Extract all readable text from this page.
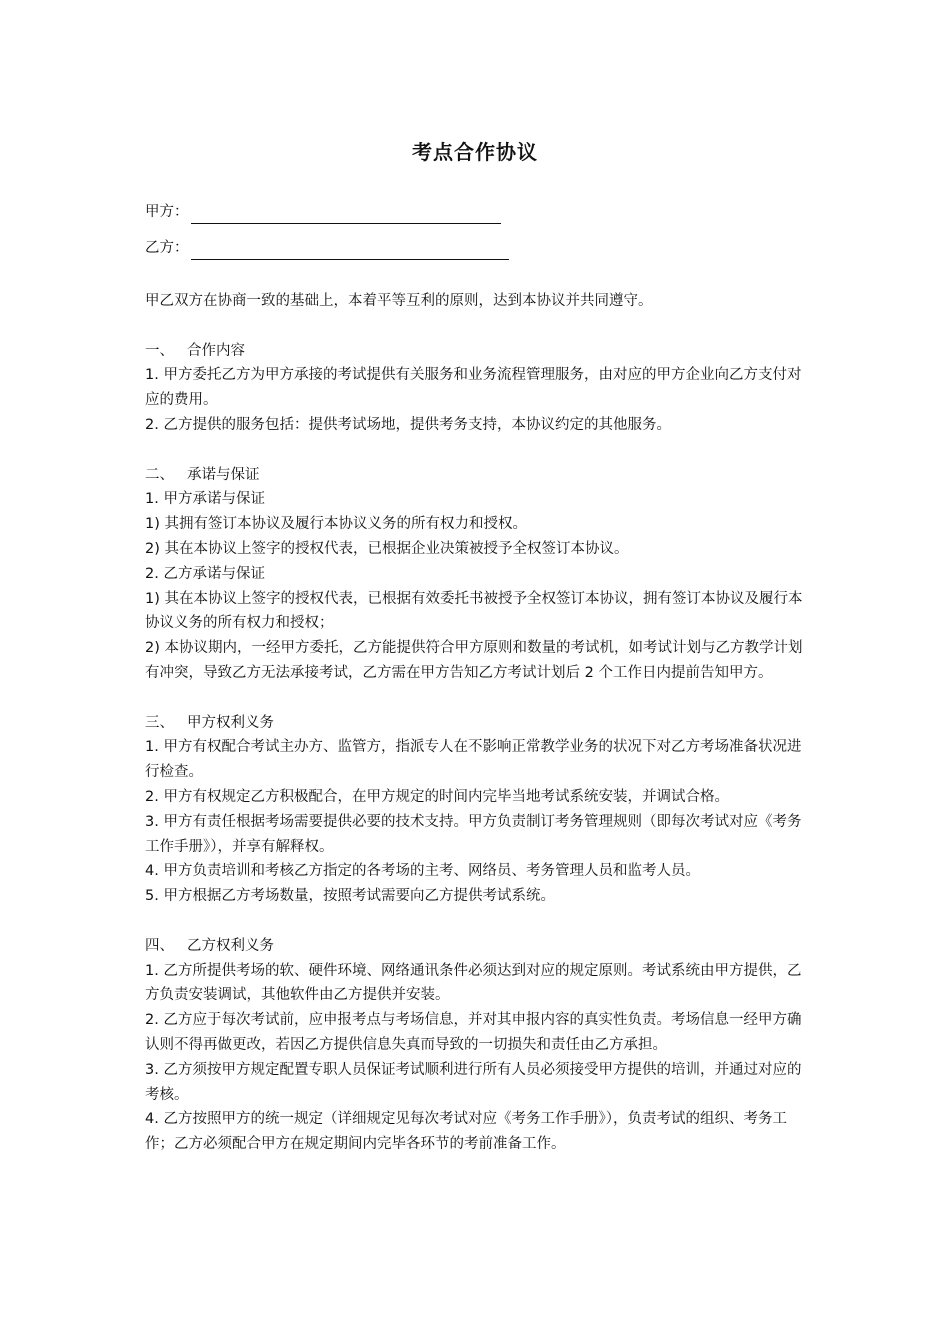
考点合作协议
甲方：
乙方：

甲乙双方在协商一致的基础上，本着平等互利的原则，达到本协议并共同遵守。

一、 合作内容

1. 甲方委托乙方为甲方承接的考试提供有关服务和业务流程管理服务，由对应的甲方企业向乙方支付对应的费用。

2. 乙方提供的服务包括：提供考试场地，提供考务支持，本协议约定的其他服务。

二、 承诺与保证

1. 甲方承诺与保证

1) 其拥有签订本协议及履行本协议义务的所有权力和授权。

2) 其在本协议上签字的授权代表，已根据企业决策被授予全权签订本协议。

2. 乙方承诺与保证

1) 其在本协议上签字的授权代表，已根据有效委托书被授予全权签订本协议，拥有签订本协议及履行本协议义务的所有权力和授权；

2) 本协议期内，一经甲方委托，乙方能提供符合甲方原则和数量的考试机，如考试计划与乙方教学计划有冲突，导致乙方无法承接考试，乙方需在甲方告知乙方考试计划后 2 个工作日内提前告知甲方。

三、 甲方权利义务

1. 甲方有权配合考试主办方、监管方，指派专人在不影响正常教学业务的状况下对乙方考场准备状况进行检查。

2. 甲方有权规定乙方积极配合，在甲方规定的时间内完毕当地考试系统安装，并调试合格。

3. 甲方有责任根据考场需要提供必要的技术支持。甲方负责制订考务管理规则（即每次考试对应《考务工作手册》），并享有解释权。

4. 甲方负责培训和考核乙方指定的各考场的主考、网络员、考务管理人员和监考人员。

5. 甲方根据乙方考场数量，按照考试需要向乙方提供考试系统。

四、 乙方权利义务

1. 乙方所提供考场的软、硬件环境、网络通讯条件必须达到对应的规定原则。考试系统由甲方提供，乙方负责安装调试，其他软件由乙方提供并安装。

2. 乙方应于每次考试前，应申报考点与考场信息，并对其申报内容的真实性负责。考场信息一经甲方确认则不得再做更改，若因乙方提供信息失真而导致的一切损失和责任由乙方承担。

3. 乙方须按甲方规定配置专职人员保证考试顺利进行所有人员必须接受甲方提供的培训，并通过对应的考核。

4. 乙方按照甲方的统一规定（详细规定见每次考试对应《考务工作手册》），负责考试的组织、考务工作；乙方必须配合甲方在规定期间内完毕各环节的考前准备工作。
